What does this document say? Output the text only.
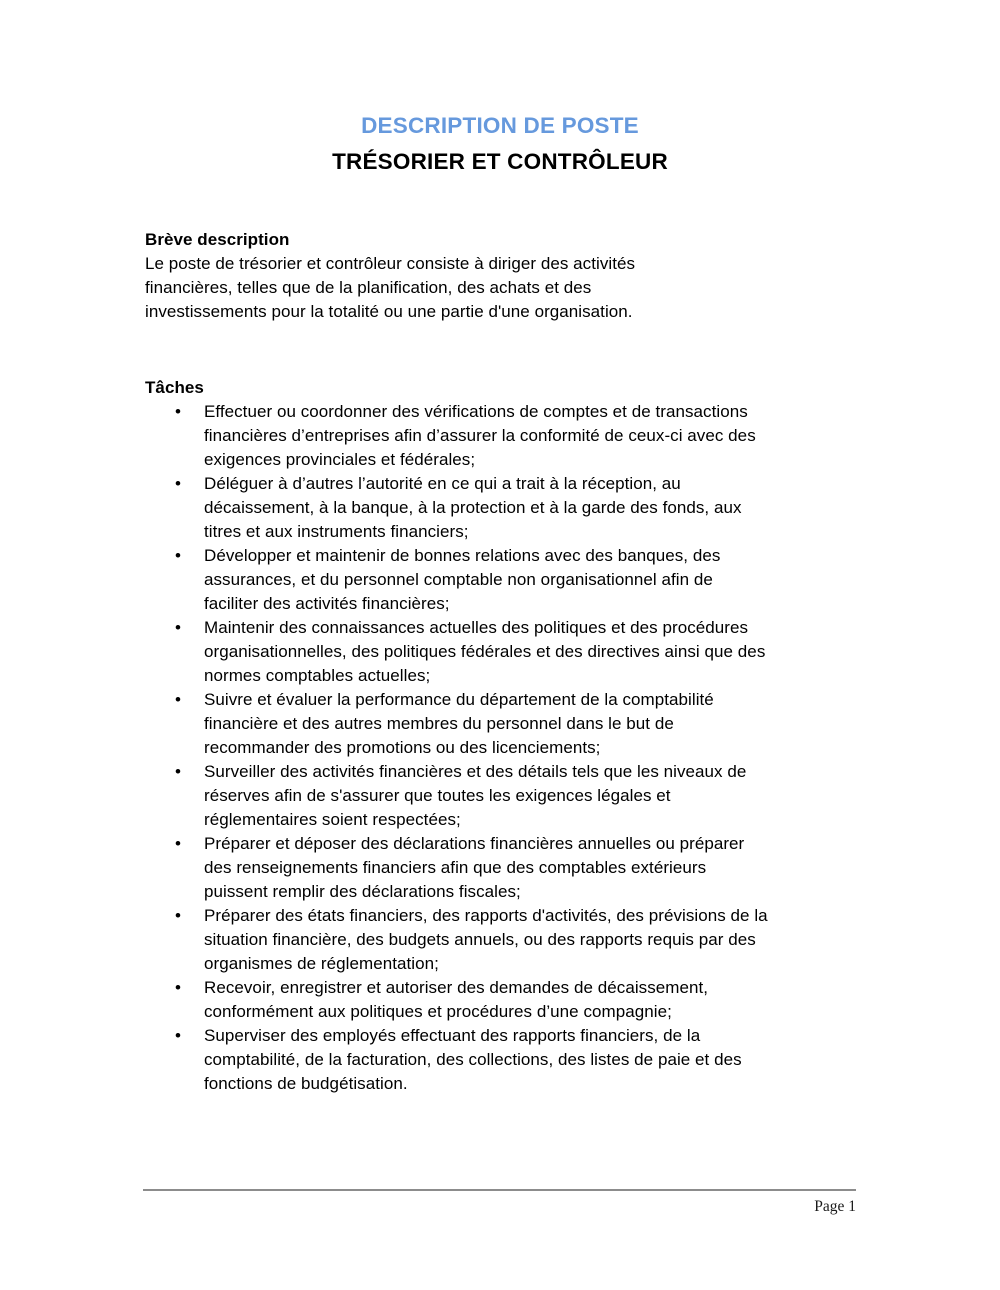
DESCRIPTION DE POSTE

TRÉSORIER ET CONTRÔLEUR

Brève description

Le poste de trésorier et contrôleur consiste à diriger des activités financières, telles que de la planification, des achats et des investissements pour la totalité ou une partie d'une organisation.

Tâches
• Effectuer ou coordonner des vérifications de comptes et de transactions financières d’entreprises afin d’assurer la conformité de ceux-ci avec des exigences provinciales et fédérales;
• Déléguer à d’autres l’autorité en ce qui a trait à la réception, au décaissement, à la banque, à la protection et à la garde des fonds, aux titres et aux instruments financiers;
• Développer et maintenir de bonnes relations avec des banques, des assurances, et du personnel comptable non organisationnel afin de faciliter des activités financières;
• Maintenir des connaissances actuelles des politiques et des procédures organisationnelles, des politiques fédérales et des directives ainsi que des normes comptables actuelles;
• Suivre et évaluer la performance du département de la comptabilité financière et des autres membres du personnel dans le but de recommander des promotions ou des licenciements;
• Surveiller des activités financières et des détails tels que les niveaux de réserves afin de s'assurer que toutes les exigences légales et réglementaires soient respectées;
• Préparer et déposer des déclarations financières annuelles ou préparer des renseignements financiers afin que des comptables extérieurs puissent remplir des déclarations fiscales;
• Préparer des états financiers, des rapports d'activités, des prévisions de la situation financière, des budgets annuels, ou des rapports requis par des organismes de réglementation;
• Recevoir, enregistrer et autoriser des demandes de décaissement, conformément aux politiques et procédures d’une compagnie;
• Superviser des employés effectuant des rapports financiers, de la comptabilité, de la facturation, des collections, des listes de paie et des fonctions de budgétisation.

Page 1
